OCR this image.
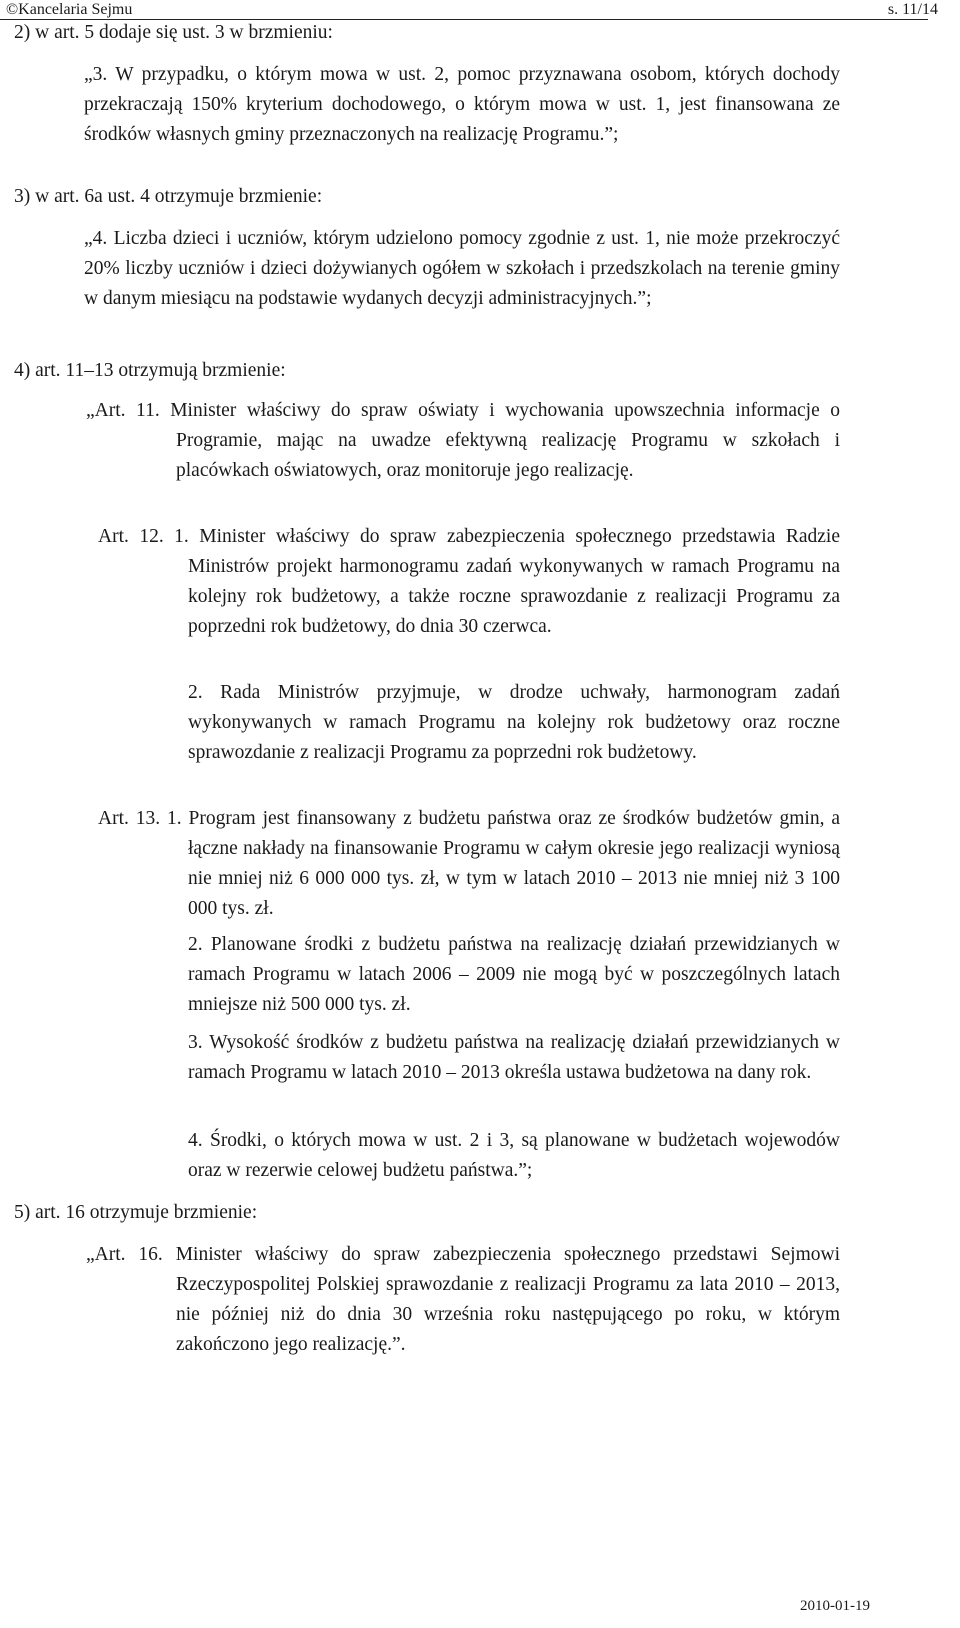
©Kancelaria Sejmu	s. 11/14
2) w art. 5 dodaje się ust. 3 w brzmieniu:
„3. W przypadku, o którym mowa w ust. 2, pomoc przyznawana osobom, których dochody przekraczają 150% kryterium dochodowego, o którym mowa w ust. 1, jest finansowana ze środków własnych gminy przeznaczonych na realizację Programu.”;
3) w art. 6a ust. 4 otrzymuje brzmienie:
„4. Liczba dzieci i uczniów, którym udzielono pomocy zgodnie z ust. 1, nie może przekroczyć 20% liczby uczniów i dzieci dożywianych ogółem w szkołach i przedszkolach na terenie gminy w danym miesiącu na podstawie wydanych decyzji administracyjnych.”;
4) art. 11–13 otrzymują brzmienie:
„Art. 11. Minister właściwy do spraw oświaty i wychowania upowszechnia informacje o Programie, mając na uwadze efektywną realizację Programu w szkołach i placówkach oświatowych, oraz monitoruje jego realizację.
Art. 12. 1. Minister właściwy do spraw zabezpieczenia społecznego przedstawia Radzie Ministrów projekt harmonogramu zadań wykonywanych w ramach Programu na kolejny rok budżetowy, a także roczne sprawozdanie z realizacji Programu za poprzedni rok budżetowy, do dnia 30 czerwca.
2. Rada Ministrów przyjmuje, w drodze uchwały, harmonogram zadań wykonywanych w ramach Programu na kolejny rok budżetowy oraz roczne sprawozdanie z realizacji Programu za poprzedni rok budżetowy.
Art. 13. 1. Program jest finansowany z budżetu państwa oraz ze środków budżetów gmin, a łączne nakłady na finansowanie Programu w całym okresie jego realizacji wyniosą nie mniej niż 6 000 000 tys. zł, w tym w latach 2010 – 2013 nie mniej niż 3 100 000 tys. zł.
2. Planowane środki z budżetu państwa na realizację działań przewidzianych w ramach Programu w latach 2006 – 2009 nie mogą być w poszczególnych latach mniejsze niż 500 000 tys. zł.
3. Wysokość środków z budżetu państwa na realizację działań przewidzianych w ramach Programu w latach 2010 – 2013 określa ustawa budżetowa na dany rok.
4. Środki, o których mowa w ust. 2 i 3, są planowane w budżetach wojewodów oraz w rezerwie celowej budżetu państwa.”;
5) art. 16 otrzymuje brzmienie:
„Art. 16. Minister właściwy do spraw zabezpieczenia społecznego przedstawi Sejmowi Rzeczypospolitej Polskiej sprawozdanie z realizacji Programu za lata 2010 – 2013, nie później niż do dnia 30 września roku następującego po roku, w którym zakończono jego realizację.”.
2010-01-19
